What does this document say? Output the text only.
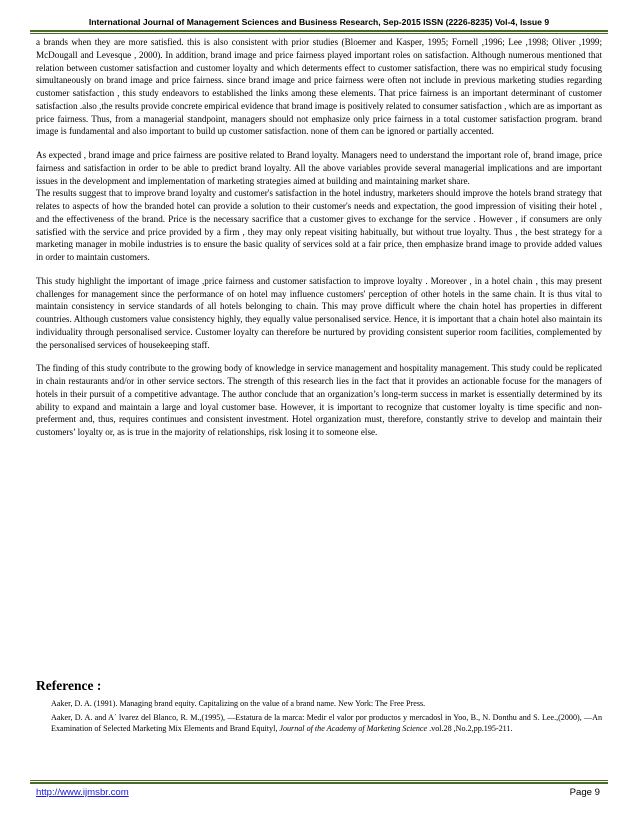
International Journal of Management Sciences and Business Research, Sep-2015 ISSN (2226-8235) Vol-4, Issue 9

a brands when they are more satisfied. this is also consistent with prior studies (Bloemer and Kasper, 1995; Fornell ,1996; Lee ,1998; Oliver ,1999; McDougall and Levesque , 2000). In addition, brand image and price fairness played important roles on satisfaction. Although numerous mentioned that relation between customer satisfaction and customer loyalty and which determents effect to customer satisfaction, there was no empirical study focusing simultaneously on brand image and price fairness. since brand image and price fairness were often not include in previous marketing studies regarding customer satisfaction , this study endeavors to established the links among these elements. That price fairness is an important determinant of customer satisfaction .also ,the results provide concrete empirical evidence that brand image is positively related to consumer satisfaction , which are as important as price fairness. Thus, from a managerial standpoint, managers should not emphasize only price fairness in a total customer satisfaction program. brand image is fundamental and also important to build up customer satisfaction. none of them can be ignored or partially accented.

As expected , brand image and price fairness are positive related to Brand loyalty. Managers need to understand the important role of, brand image, price fairness and satisfaction in order to be able to predict brand loyalty. All the above variables provide several managerial implications and are important issues in the development and implementation of marketing strategies aimed at building and maintaining market share.

The results suggest that to improve brand loyalty and customer's satisfaction in the hotel industry, marketers should improve the hotels brand strategy that relates to aspects of how the branded hotel can provide a solution to their customer's needs and expectation, the good impression of visiting their hotel , and the effectiveness of the brand. Price is the necessary sacrifice that a customer gives to exchange for the service . However , if consumers are only satisfied with the service and price provided by a firm , they may only repeat visiting habitually, but without true loyalty. Thus , the best strategy for a marketing manager in mobile industries is to ensure the basic quality of services sold at a fair price, then emphasize brand image to provide added values in order to maintain customers.

This study highlight the important of image ,price fairness and customer satisfaction to improve loyalty . Moreover , in a hotel chain , this may present challenges for management since the performance of on hotel may influence customers' perception of other hotels in the same chain. It is thus vital to maintain consistency in service standards of all hotels belonging to chain. This may prove difficult where the chain hotel has properties in different countries. Although customers value consistency highly, they equally value personalised service. Hence, it is important that a chain hotel also maintain its individuality through personalised service. Customer loyalty can therefore be nurtured by providing consistent superior room facilities, complemented by the personalised services of housekeeping staff.

The finding of this study contribute to the growing body of knowledge in service management and hospitality management. This study could be replicated in chain restaurants and/or in other service sectors. The strength of this research lies in the fact that it provides an actionable focuse for the managers of hotels in their pursuit of a competitive advantage. The author conclude that an organization’s long-term success in market is essentially determined by its ability to expand and maintain a large and loyal customer base. However, it is important to recognize that customer loyalty is time specific and non-preferment and, thus, requires continues and consistent investment. Hotel organization must, therefore, constantly strive to develop and maintain their customers’ loyalty or, as is true in the majority of relationships, risk losing it to someone else.

Reference :

Aaker, D. A. (1991). Managing brand equity. Capitalizing on the value of a brand name. New York: The Free Press.

Aaker, D. A. and A´ lvarez del Blanco, R. M.,(1995), ―Estatura de la marca: Medir el valor por productos y mercadosl in Yoo, B., N. Donthu and S. Lee.,(2000), ―An Examination of Selected Marketing Mix Elements and Brand Equityl, Journal of the Academy of Marketing Science .vol.28 ,No.2,pp.195-211.

http://www.ijmsbr.com	Page 9
